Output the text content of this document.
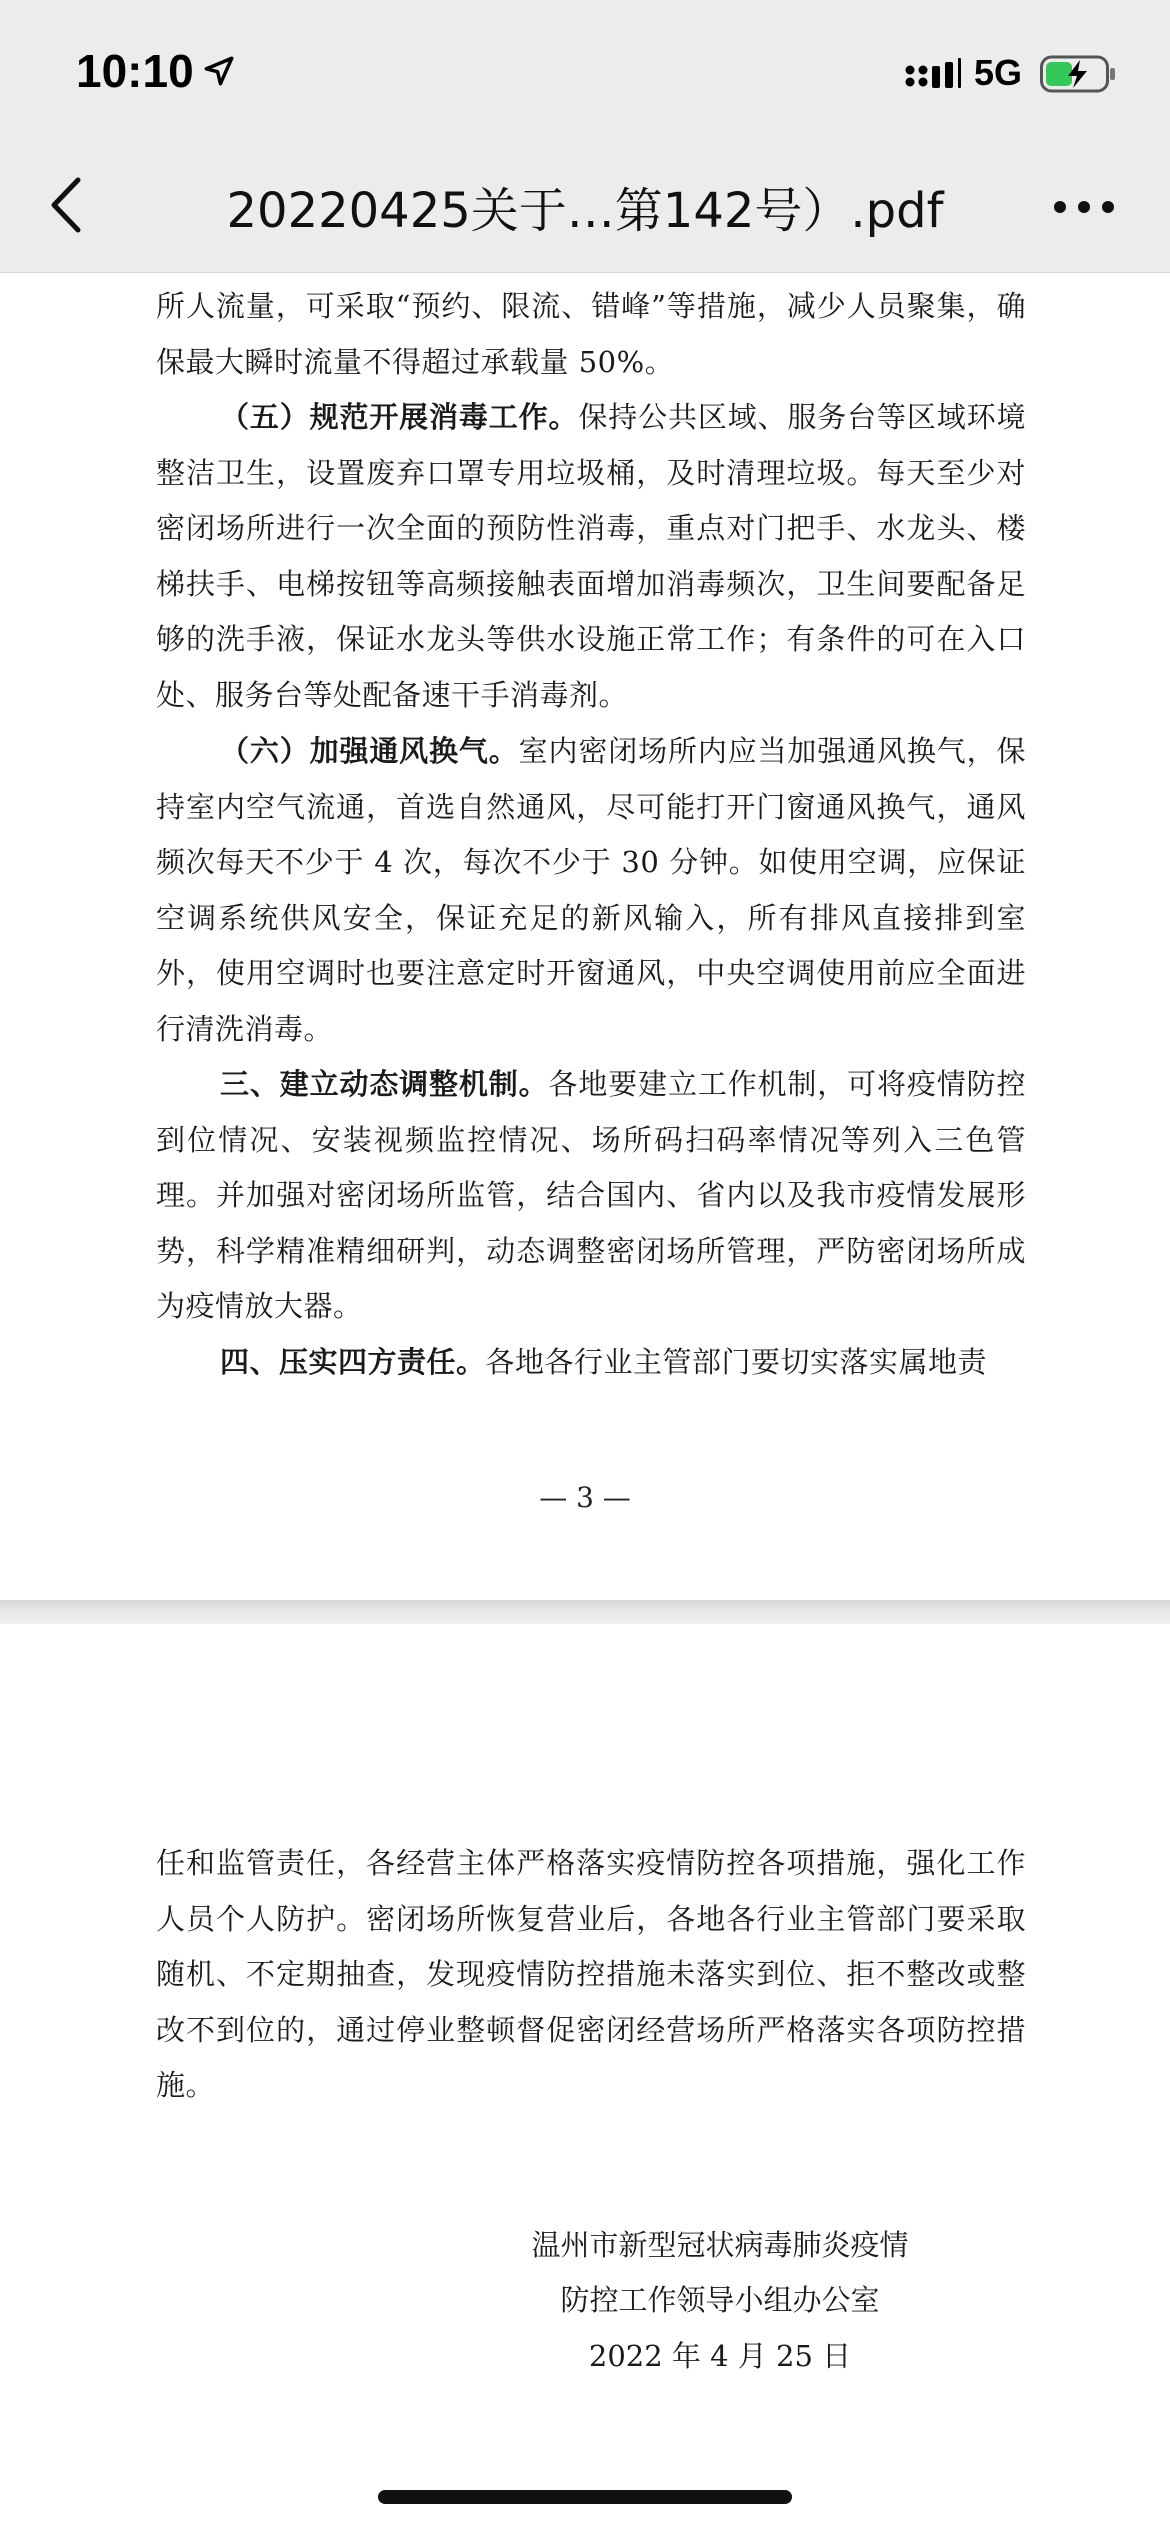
10:10	5G
20220425关于…第142号）.pdf

所人流量，可采取“预约、限流、错峰”等措施，减少人员聚集，确保最大瞬时流量不得超过承载量 50%。

（五）规范开展消毒工作。保持公共区域、服务台等区域环境整洁卫生，设置废弃口罩专用垃圾桶，及时清理垃圾。每天至少对密闭场所进行一次全面的预防性消毒，重点对门把手、水龙头、楼梯扶手、电梯按钮等高频接触表面增加消毒频次，卫生间要配备足够的洗手液，保证水龙头等供水设施正常工作；有条件的可在入口处、服务台等处配备速干手消毒剂。

（六）加强通风换气。室内密闭场所内应当加强通风换气，保持室内空气流通，首选自然通风，尽可能打开门窗通风换气，通风频次每天不少于 4 次，每次不少于 30 分钟。如使用空调，应保证空调系统供风安全，保证充足的新风输入，所有排风直接排到室外，使用空调时也要注意定时开窗通风，中央空调使用前应全面进行清洗消毒。

三、建立动态调整机制。各地要建立工作机制，可将疫情防控到位情况、安装视频监控情况、场所码扫码率情况等列入三色管理。并加强对密闭场所监管，结合国内、省内以及我市疫情发展形势，科学精准精细研判，动态调整密闭场所管理，严防密闭场所成为疫情放大器。

四、压实四方责任。各地各行业主管部门要切实落实属地责

— 3 —

任和监管责任，各经营主体严格落实疫情防控各项措施，强化工作人员个人防护。密闭场所恢复营业后，各地各行业主管部门要采取随机、不定期抽查，发现疫情防控措施未落实到位、拒不整改或整改不到位的，通过停业整顿督促密闭经营场所严格落实各项防控措施。

温州市新型冠状病毒肺炎疫情
防控工作领导小组办公室
2022 年 4 月 25 日
